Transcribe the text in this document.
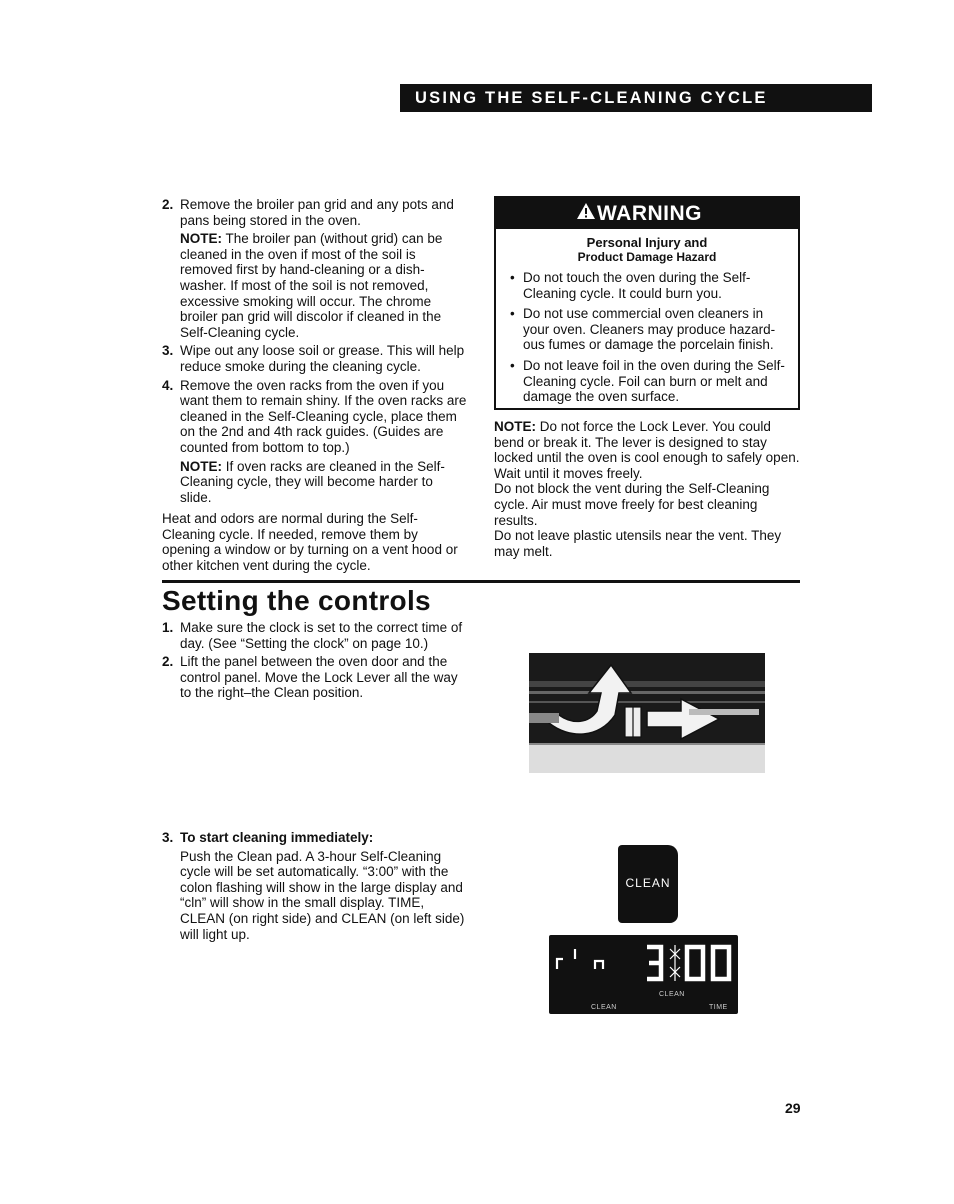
USING THE SELF-CLEANING CYCLE
2. Remove the broiler pan grid and any pots and pans being stored in the oven.

NOTE: The broiler pan (without grid) can be cleaned in the oven if most of the soil is removed first by hand-cleaning or a dish-washer. If most of the soil is not removed, excessive smoking will occur. The chrome broiler pan grid will discolor if cleaned in the Self-Cleaning cycle.

3. Wipe out any loose soil or grease. This will help reduce smoke during the cleaning cycle.

4. Remove the oven racks from the oven if you want them to remain shiny. If the oven racks are cleaned in the Self-Cleaning cycle, place them on the 2nd and 4th rack guides. (Guides are counted from bottom to top.)

NOTE: If oven racks are cleaned in the Self-Cleaning cycle, they will become harder to slide.

Heat and odors are normal during the Self-Cleaning cycle. If needed, remove them by opening a window or by turning on a vent hood or other kitchen vent during the cycle.

WARNING
Personal Injury and
Product Damage Hazard
• Do not touch the oven during the Self-Cleaning cycle. It could burn you.
• Do not use commercial oven cleaners in your oven. Cleaners may produce hazard-ous fumes or damage the porcelain finish.
• Do not leave foil in the oven during the Self-Cleaning cycle. Foil can burn or melt and damage the oven surface.

NOTE: Do not force the Lock Lever. You could bend or break it. The lever is designed to stay locked until the oven is cool enough to safely open. Wait until it moves freely.

Do not block the vent during the Self-Cleaning cycle. Air must move freely for best cleaning results.

Do not leave plastic utensils near the vent. They may melt.

Setting the controls
1. Make sure the clock is set to the correct time of day. (See “Setting the clock” on page 10.)

2. Lift the panel between the oven door and the control panel. Move the Lock Lever all the way to the right–the Clean position.

3. To start cleaning immediately:

Push the Clean pad. A 3-hour Self-Cleaning cycle will be set automatically. “3:00” with the colon flashing will show in the large display and “cln” will show in the small display. TIME, CLEAN (on right side) and CLEAN (on left side) will light up.

CLEAN
CLEAN
CLEAN	TIME
29
